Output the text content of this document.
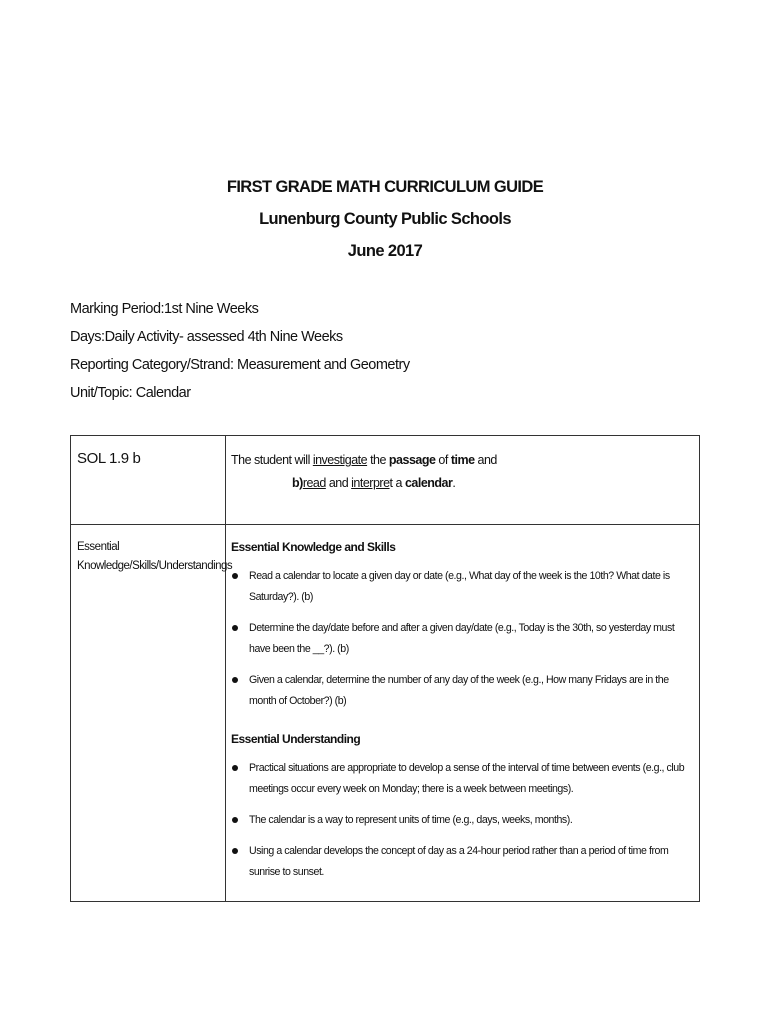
FIRST GRADE MATH CURRICULUM GUIDE
Lunenburg County Public Schools
June 2017
Marking Period:1st Nine Weeks
Days:Daily Activity- assessed 4th Nine Weeks
Reporting Category/Strand: Measurement and Geometry
Unit/Topic: Calendar
SOL 1.9 b	The student will investigate the passage of time and
b)read and interpret a calendar.
Essential Knowledge/Skills/Understandings
Essential Knowledge and Skills
Read a calendar to locate a given day or date (e.g., What day of the week is the 10th? What date is Saturday?). (b)
Determine the day/date before and after a given day/date (e.g., Today is the 30th, so yesterday must have been the __?). (b)
Given a calendar, determine the number of any day of the week (e.g., How many Fridays are in the month of October?) (b)
Essential Understanding
Practical situations are appropriate to develop a sense of the interval of time between events (e.g., club meetings occur every week on Monday; there is a week between meetings).
The calendar is a way to represent units of time (e.g., days, weeks, months).
Using a calendar develops the concept of day as a 24-hour period rather than a period of time from sunrise to sunset.
